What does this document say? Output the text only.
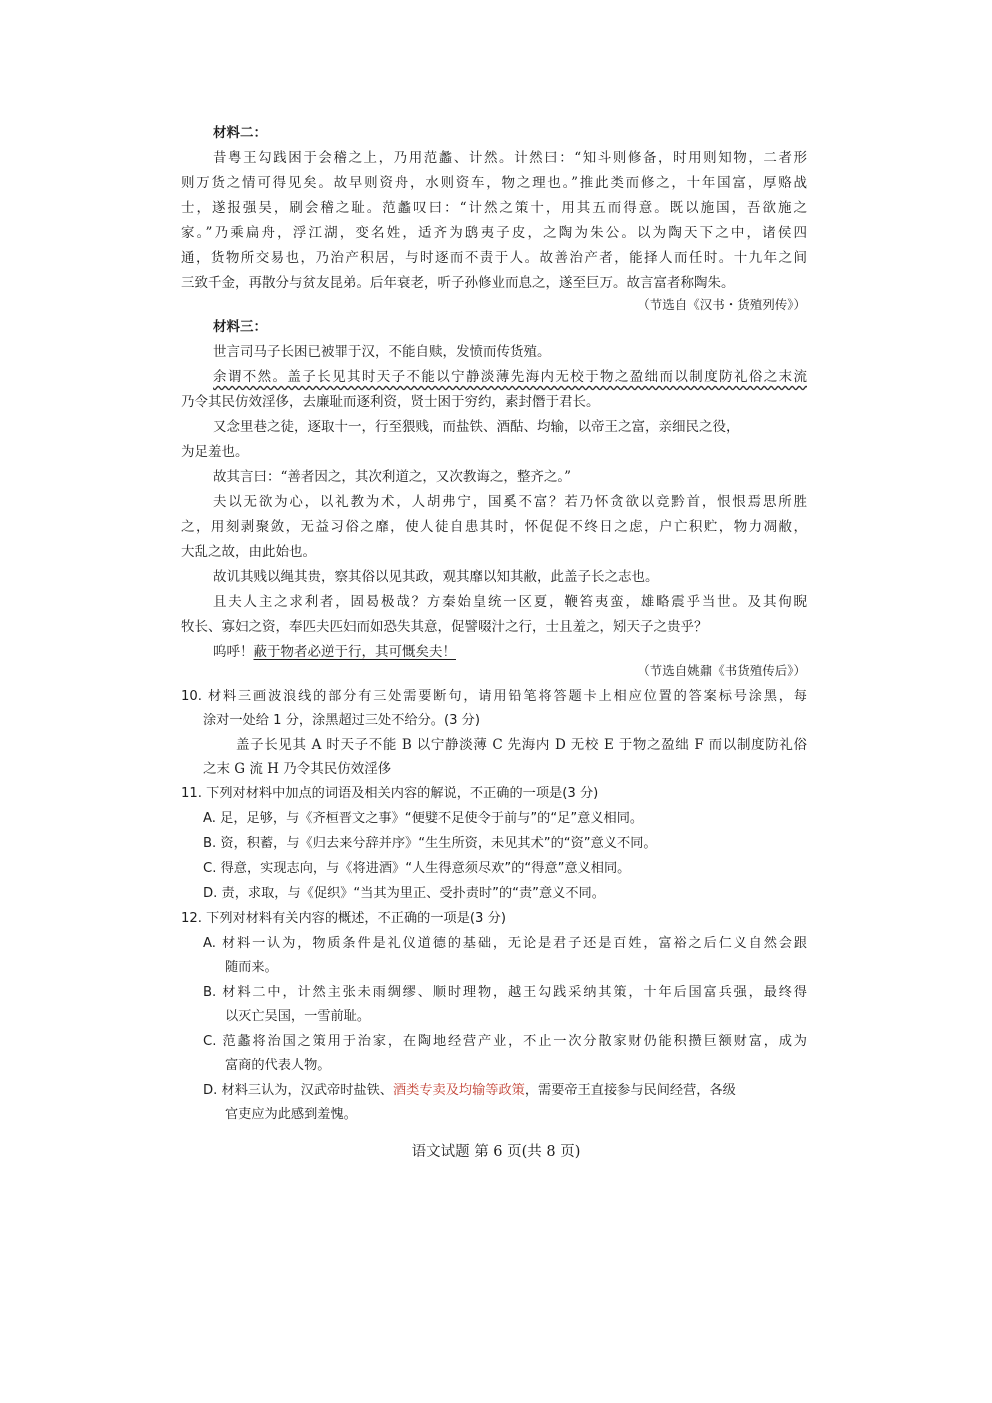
材料二：
昔粤王勾践困于会稽之上，乃用范蠡、计然。计然曰：“知斗则修备，时用则知物，二者形
则万货之情可得见矣。故早则资舟，水则资车，物之理也。”推此类而修之，十年国富，厚赂战
士，遂报强吴，刷会稽之耻。范蠡叹曰：“计然之策十，用其五而得意。既以施国，吾欲施之
家。”乃乘扁舟，浮江湖，变名姓，适齐为鸱夷子皮，之陶为朱公。以为陶天下之中，诸侯四
通，货物所交易也，乃治产积居，与时逐而不责于人。故善治产者，能择人而任时。十九年之间
三致千金，再散分与贫友昆弟。后年衰老，听子孙修业而息之，遂至巨万。故言富者称陶朱。
（节选自《汉书・货殖列传》）
材料三：
世言司马子长困已被罪于汉，不能自赎，发愤而传货殖。
余谓不然。盖子长见其时天子不能以宁静淡薄先海内无校于物之盈绌而以制度防礼俗之末流
乃令其民仿效淫侈，去廉耻而逐利资，贤士困于穷约，素封僭于君长。
又念里巷之徒，逐取十一，行至猥贱，而盐铁、酒酤、均输，以帝王之富，亲细民之役，
为足羞也。
故其言曰：“善者因之，其次利道之，又次教诲之，整齐之。”
夫以无欲为心，以礼教为术，人胡弗宁，国奚不富？若乃怀贪欲以竞黔首，恨恨焉思所胜
之，用刻剥聚敛，无益习俗之靡，使人徒自患其时，怀促促不终日之虑，户亡积贮，物力凋敝，
大乱之故，由此始也。
故讥其贱以绳其贵，察其俗以见其政，观其靡以知其敝，此盖子长之志也。
且夫人主之求利者，固曷极哉？方秦始皇统一区夏，鞭笞夷蛮，雄略震乎当世。及其佝睨
牧长、寡妇之资，奉匹夫匹妇而如恐失其意，促譬啜汁之行，士且羞之，矧天子之贵乎？
呜呼！蔽于物者必逆于行，其可慨矣夫！
（节选自姚鼐《书货殖传后》）
10. 材料三画波浪线的部分有三处需要断句，请用铅笔将答题卡上相应位置的答案标号涂黑，每
涂对一处给 1 分，涂黑超过三处不给分。(3 分)
盖子长见其 A 时天子不能 B 以宁静淡薄 C 先海内 D 无校 E 于物之盈绌 F 而以制度防礼俗
之末 G 流 H 乃令其民仿效淫侈
11. 下列对材料中加点的词语及相关内容的解说，不正确的一项是(3 分)
A. 足，足够，与《齐桓晋文之事》“便嬖不足使令于前与”的“足”意义相同。
B. 资，积蓄，与《归去来兮辞并序》“生生所资，未见其术”的“资”意义不同。
C. 得意，实现志向，与《将进酒》“人生得意须尽欢”的“得意”意义相同。
D. 责，求取，与《促织》“当其为里正、受扑责时”的“责”意义不同。
12. 下列对材料有关内容的概述，不正确的一项是(3 分)
A. 材料一认为，物质条件是礼仪道德的基础，无论是君子还是百姓，富裕之后仁义自然会跟
随而来。
B. 材料二中，计然主张未雨绸缪、顺时理物，越王勾践采纳其策，十年后国富兵强，最终得
以灭亡吴国，一雪前耻。
C. 范蠡将治国之策用于治家，在陶地经营产业，不止一次分散家财仍能积攒巨额财富，成为
富商的代表人物。
D. 材料三认为，汉武帝时盐铁、酒类专卖及均输等政策，需要帝王直接参与民间经营，各级
官吏应为此感到羞愧。
语文试题 第 6 页(共 8 页)
